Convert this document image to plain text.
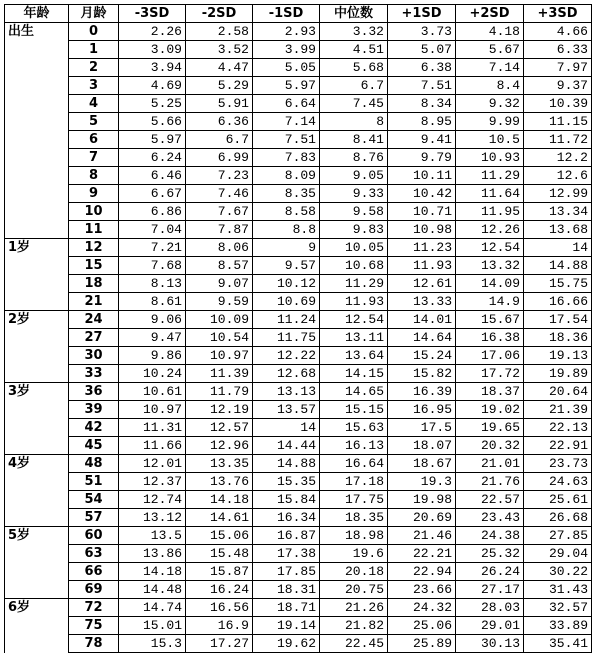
年龄	月龄	-3SD	-2SD	-1SD	中位数	+1SD	+2SD	+3SD
出生	0	2.26	2.58	2.93	3.32	3.73	4.18	4.66
	1	3.09	3.52	3.99	4.51	5.07	5.67	6.33
	2	3.94	4.47	5.05	5.68	6.38	7.14	7.97
	3	4.69	5.29	5.97	6.7	7.51	8.4	9.37
	4	5.25	5.91	6.64	7.45	8.34	9.32	10.39
	5	5.66	6.36	7.14	8	8.95	9.99	11.15
	6	5.97	6.7	7.51	8.41	9.41	10.5	11.72
	7	6.24	6.99	7.83	8.76	9.79	10.93	12.2
	8	6.46	7.23	8.09	9.05	10.11	11.29	12.6
	9	6.67	7.46	8.35	9.33	10.42	11.64	12.99
	10	6.86	7.67	8.58	9.58	10.71	11.95	13.34
	11	7.04	7.87	8.8	9.83	10.98	12.26	13.68
1岁	12	7.21	8.06	9	10.05	11.23	12.54	14
	15	7.68	8.57	9.57	10.68	11.93	13.32	14.88
	18	8.13	9.07	10.12	11.29	12.61	14.09	15.75
	21	8.61	9.59	10.69	11.93	13.33	14.9	16.66
2岁	24	9.06	10.09	11.24	12.54	14.01	15.67	17.54
	27	9.47	10.54	11.75	13.11	14.64	16.38	18.36
	30	9.86	10.97	12.22	13.64	15.24	17.06	19.13
	33	10.24	11.39	12.68	14.15	15.82	17.72	19.89
3岁	36	10.61	11.79	13.13	14.65	16.39	18.37	20.64
	39	10.97	12.19	13.57	15.15	16.95	19.02	21.39
	42	11.31	12.57	14	15.63	17.5	19.65	22.13
	45	11.66	12.96	14.44	16.13	18.07	20.32	22.91
4岁	48	12.01	13.35	14.88	16.64	18.67	21.01	23.73
	51	12.37	13.76	15.35	17.18	19.3	21.76	24.63
	54	12.74	14.18	15.84	17.75	19.98	22.57	25.61
	57	13.12	14.61	16.34	18.35	20.69	23.43	26.68
5岁	60	13.5	15.06	16.87	18.98	21.46	24.38	27.85
	63	13.86	15.48	17.38	19.6	22.21	25.32	29.04
	66	14.18	15.87	17.85	20.18	22.94	26.24	30.22
	69	14.48	16.24	18.31	20.75	23.66	27.17	31.43
6岁	72	14.74	16.56	18.71	21.26	24.32	28.03	32.57
	75	15.01	16.9	19.14	21.82	25.06	29.01	33.89
	78	15.3	17.27	19.62	22.45	25.89	30.13	35.41
